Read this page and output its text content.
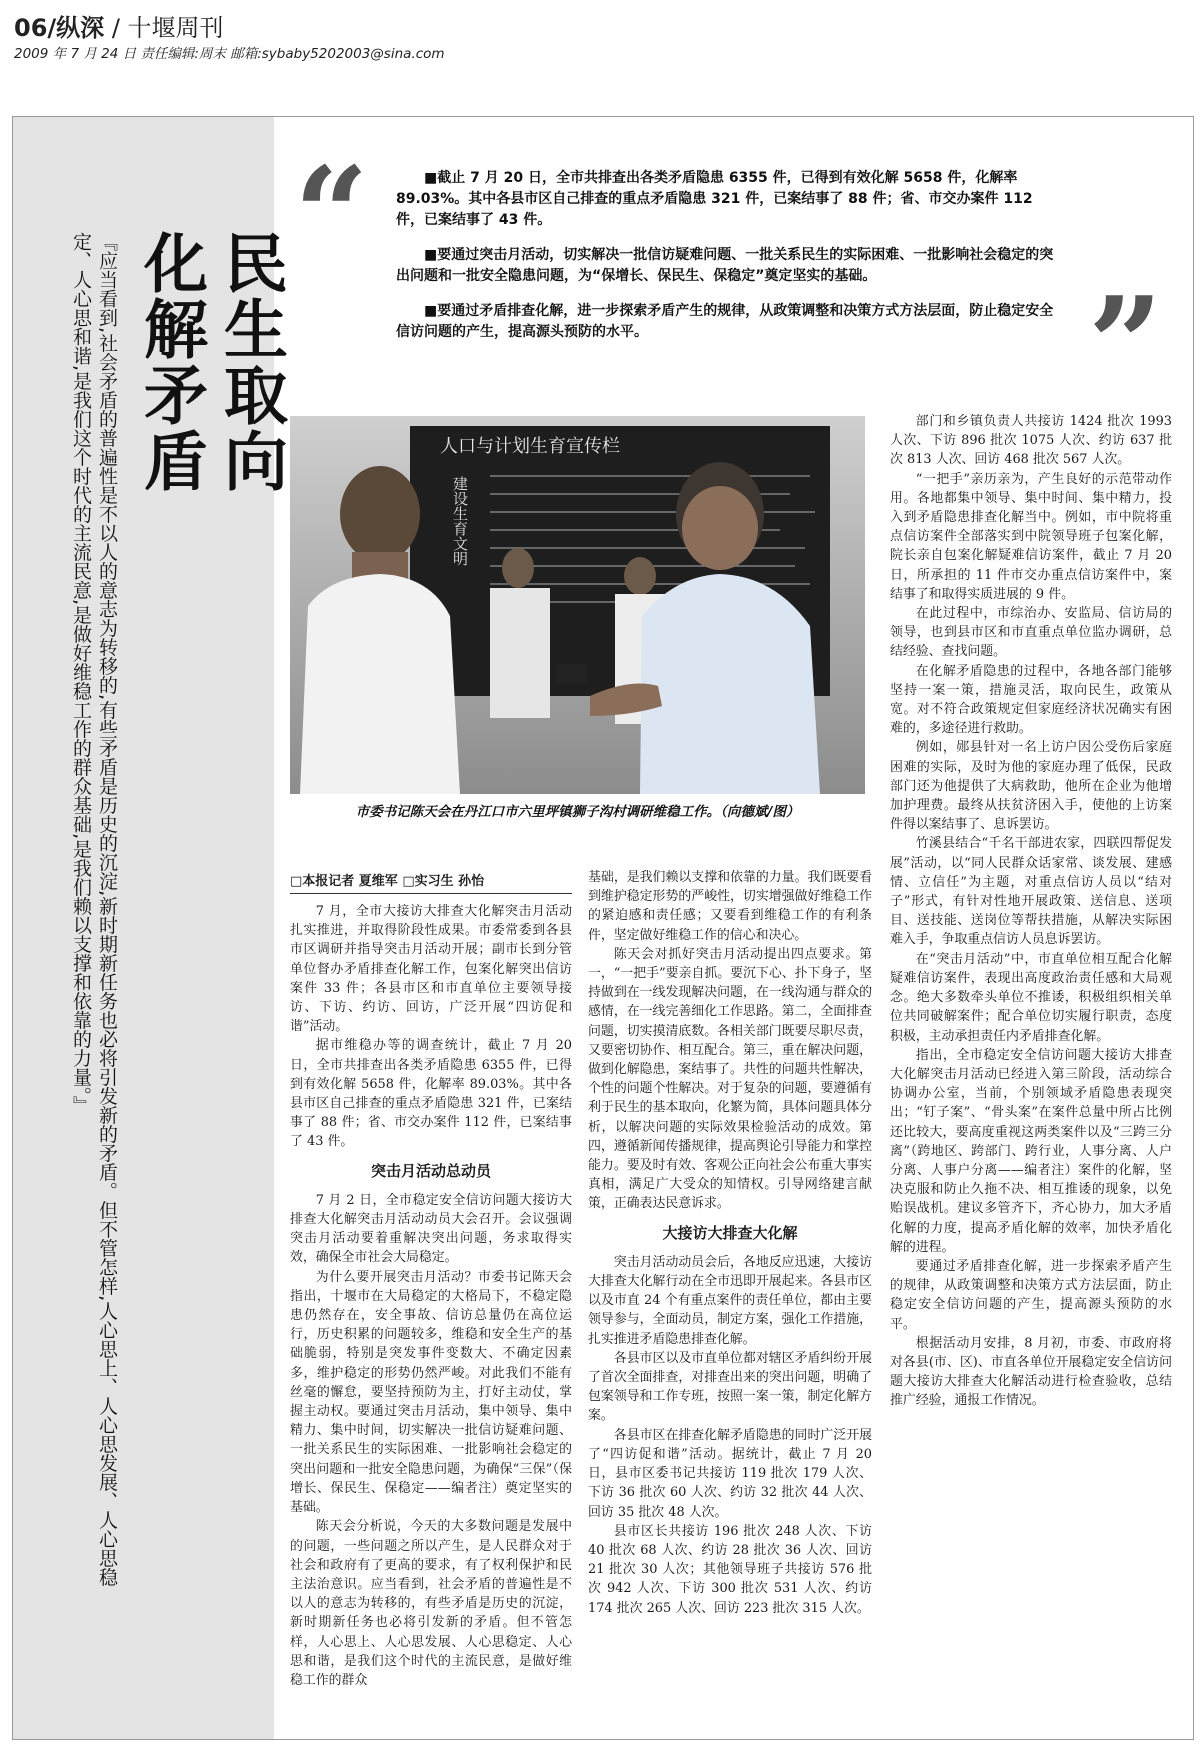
06/纵深 / 十堰周刊
2009 年 7 月 24 日 责任编辑:周末 邮箱:sybaby5202003@sina.com
民生取向
化解矛盾
『应当看到,社会矛盾的普遍性是不以人的意志为转移的,有些矛盾是历史的沉淀,新时期新任务也必将引发新的矛盾。但不管怎样,人心思上、人心思发展、人心思稳定、人心思和谐,是我们这个时代的主流民意,是做好维稳工作的群众基础,是我们赖以支撑和依靠的力量。』
“	■截止 7 月 20 日，全市共排查出各类矛盾隐患 6355 件，已得到有效化解 5658 件，化解率 89.03%。其中各县市区自己排查的重点矛盾隐患 321 件，已案结事了 88 件；省、市交办案件 112 件，已案结事了 43 件。

■要通过突击月活动，切实解决一批信访疑难问题、一批关系民生的实际困难、一批影响社会稳定的突出问题和一批安全隐患问题，为“保增长、保民生、保稳定”奠定坚实的基础。

■要通过矛盾排查化解，进一步探索矛盾产生的规律，从政策调整和决策方式方法层面，防止稳定安全信访问题的产生，提高源头预防的水平。	”
人口与计划生育宣传栏
建设生育文明
市委书记陈天会在丹江口市六里坪镇狮子沟村调研维稳工作。（向德斌/图）
□本报记者 夏维军 □实习生 孙怡

7 月，全市大接访大排查大化解突击月活动扎实推进，并取得阶段性成果。市委常委到各县市区调研并指导突击月活动开展；副市长到分管单位督办矛盾排查化解工作，包案化解突出信访案件 33 件；各县市区和市直单位主要领导接访、下访、约访、回访，广泛开展“四访促和谐”活动。

据市维稳办等的调查统计，截止 7 月 20 日，全市共排查出各类矛盾隐患 6355 件，已得到有效化解 5658 件，化解率 89.03%。其中各县市区自己排查的重点矛盾隐患 321 件，已案结事了 88 件；省、市交办案件 112 件，已案结事了 43 件。

突击月活动总动员

7 月 2 日，全市稳定安全信访问题大接访大排查大化解突击月活动动员大会召开。会议强调突击月活动要着重解决突出问题，务求取得实效，确保全市社会大局稳定。

为什么要开展突击月活动？市委书记陈天会指出，十堰市在大局稳定的大格局下，不稳定隐患仍然存在，安全事故、信访总量仍在高位运行，历史积累的问题较多，维稳和安全生产的基础脆弱，特别是突发事件变数大、不确定因素多，维护稳定的形势仍然严峻。对此我们不能有丝毫的懈怠，要坚持预防为主，打好主动仗，掌握主动权。要通过突击月活动，集中领导、集中精力、集中时间，切实解决一批信访疑难问题、一批关系民生的实际困难、一批影响社会稳定的突出问题和一批安全隐患问题，为确保“三保”（保增长、保民生、保稳定——编者注）奠定坚实的基础。

陈天会分析说，今天的大多数问题是发展中的问题，一些问题之所以产生，是人民群众对于社会和政府有了更高的要求，有了权利保护和民主法治意识。应当看到，社会矛盾的普遍性是不以人的意志为转移的，有些矛盾是历史的沉淀，新时期新任务也必将引发新的矛盾。但不管怎样，人心思上、人心思发展、人心思稳定、人心思和谐，是我们这个时代的主流民意，是做好维稳工作的群众

基础，是我们赖以支撑和依靠的力量。我们既要看到维护稳定形势的严峻性，切实增强做好维稳工作的紧迫感和责任感；又要看到维稳工作的有利条件，坚定做好维稳工作的信心和决心。

陈天会对抓好突击月活动提出四点要求。第一，“一把手”要亲自抓。要沉下心、扑下身子，坚持做到在一线发现解决问题，在一线沟通与群众的感情，在一线完善细化工作思路。第二，全面排查问题，切实摸清底数。各相关部门既要尽职尽责，又要密切协作、相互配合。第三，重在解决问题，做到化解隐患，案结事了。共性的问题共性解决，个性的问题个性解决。对于复杂的问题，要遵循有利于民生的基本取向，化繁为简，具体问题具体分析，以解决问题的实际效果检验活动的成效。第四，遵循新闻传播规律，提高舆论引导能力和掌控能力。要及时有效、客观公正向社会公布重大事实真相，满足广大受众的知情权。引导网络建言献策，正确表达民意诉求。

大接访大排查大化解

突击月活动动员会后，各地反应迅速，大接访大排查大化解行动在全市迅即开展起来。各县市区以及市直 24 个有重点案件的责任单位，都由主要领导参与，全面动员，制定方案，强化工作措施，扎实推进矛盾隐患排查化解。

各县市区以及市直单位都对辖区矛盾纠纷开展了首次全面排查，对排查出来的突出问题，明确了包案领导和工作专班，按照一案一策，制定化解方案。

各县市区在排查化解矛盾隐患的同时广泛开展了“四访促和谐”活动。据统计，截止 7 月 20 日，县市区委书记共接访 119 批次 179 人次、下访 36 批次 60 人次、约访 32 批次 44 人次、回访 35 批次 48 人次。

县市区长共接访 196 批次 248 人次、下访 40 批次 68 人次、约访 28 批次 36 人次、回访 21 批次 30 人次；其他领导班子共接访 576 批次 942 人次、下访 300 批次 531 人次、约访 174 批次 265 人次、回访 223 批次 315 人次。

部门和乡镇负责人共接访 1424 批次 1993 人次、下访 896 批次 1075 人次、约访 637 批次 813 人次、回访 468 批次 567 人次。

“一把手”亲历亲为，产生良好的示范带动作用。各地都集中领导、集中时间、集中精力，投入到矛盾隐患排查化解当中。例如，市中院将重点信访案件全部落实到中院领导班子包案化解，院长亲自包案化解疑难信访案件，截止 7 月 20 日，所承担的 11 件市交办重点信访案件中，案结事了和取得实质进展的 9 件。

在此过程中，市综治办、安监局、信访局的领导，也到县市区和市直重点单位监办调研，总结经验、查找问题。

在化解矛盾隐患的过程中，各地各部门能够坚持一案一策，措施灵活，取向民生，政策从宽。对不符合政策规定但家庭经济状况确实有困难的，多途径进行救助。

例如，郧县针对一名上访户因公受伤后家庭困难的实际，及时为他的家庭办理了低保，民政部门还为他提供了大病救助，他所在企业为他增加护理费。最终从扶贫济困入手，使他的上访案件得以案结事了、息诉罢访。

竹溪县结合“千名干部进农家，四联四帮促发展”活动，以“同人民群众话家常、谈发展、建感情、立信任”为主题，对重点信访人员以“结对子”形式，有针对性地开展政策、送信息、送项目、送技能、送岗位等帮扶措施，从解决实际困难入手，争取重点信访人员息诉罢访。

在“突击月活动”中，市直单位相互配合化解疑难信访案件，表现出高度政治责任感和大局观念。绝大多数牵头单位不推诿，积极组织相关单位共同破解案件；配合单位切实履行职责，态度积极，主动承担责任内矛盾排查化解。

指出，全市稳定安全信访问题大接访大排查大化解突击月活动已经进入第三阶段，活动综合协调办公室，当前，个别领域矛盾隐患表现突出；“钉子案”、“骨头案”在案件总量中所占比例还比较大，要高度重视这两类案件以及“三跨三分离”（跨地区、跨部门、跨行业，人事分离、人户分离、人事户分离——编者注）案件的化解，坚决克服和防止久拖不决、相互推诿的现象，以免贻误战机。建议多管齐下，齐心协力，加大矛盾化解的力度，提高矛盾化解的效率，加快矛盾化解的进程。

要通过矛盾排查化解，进一步探索矛盾产生的规律，从政策调整和决策方式方法层面，防止稳定安全信访问题的产生，提高源头预防的水平。

根据活动月安排，8 月初，市委、市政府将对各县(市、区)、市直各单位开展稳定安全信访问题大接访大排查大化解活动进行检查验收，总结推广经验，通报工作情况。
